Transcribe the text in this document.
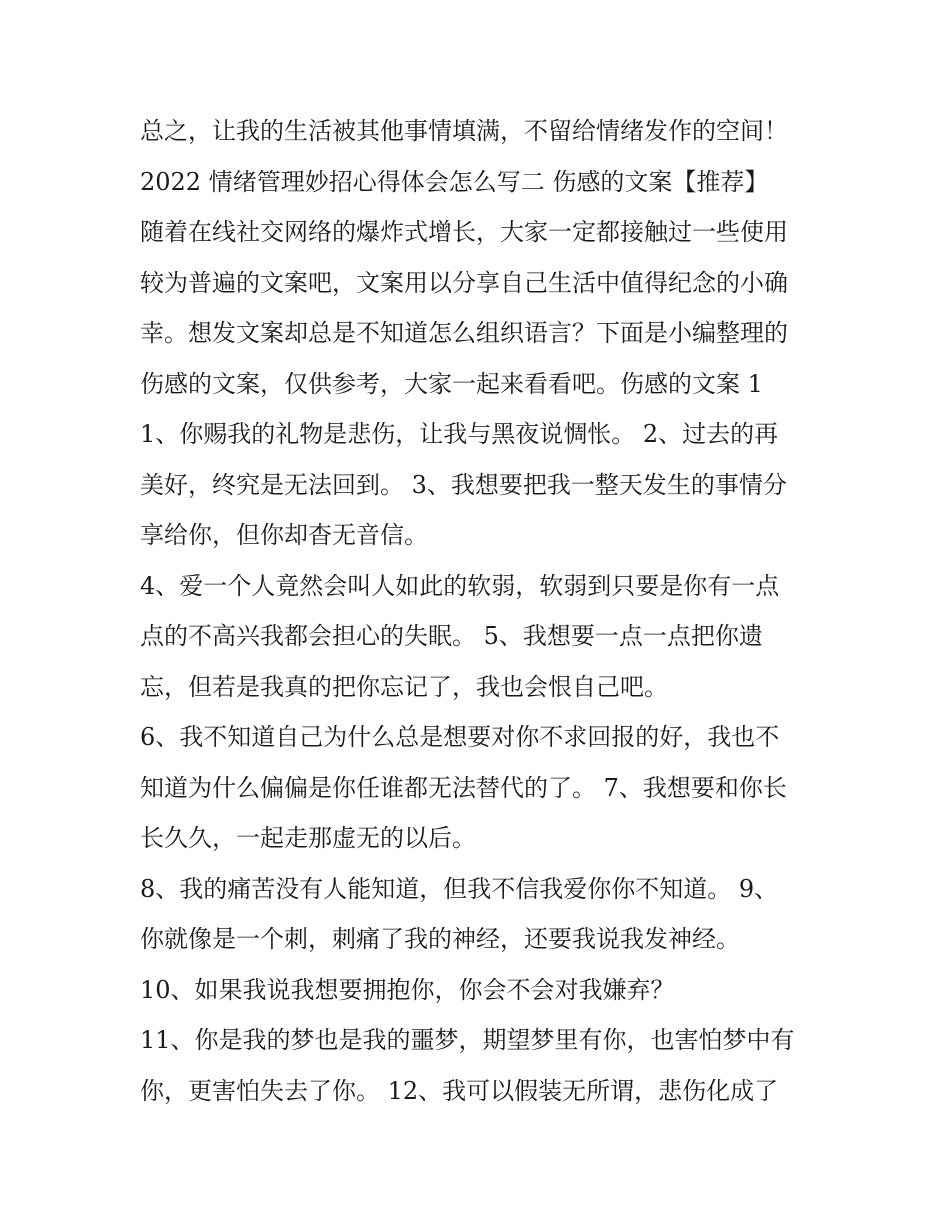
总之，让我的生活被其他事情填满，不留给情绪发作的空间！
2022 情绪管理妙招心得体会怎么写二 伤感的文案【推荐】
随着在线社交网络的爆炸式增长，大家一定都接触过一些使用
较为普遍的文案吧，文案用以分享自己生活中值得纪念的小确
幸。想发文案却总是不知道怎么组织语言？下面是小编整理的
伤感的文案，仅供参考，大家一起来看看吧。伤感的文案 1
1、你赐我的礼物是悲伤，让我与黑夜说惆怅。 2、过去的再
美好，终究是无法回到。 3、我想要把我一整天发生的事情分
享给你，但你却杳无音信。
4、爱一个人竟然会叫人如此的软弱，软弱到只要是你有一点
点的不高兴我都会担心的失眠。 5、我想要一点一点把你遗
忘，但若是我真的把你忘记了，我也会恨自己吧。
6、我不知道自己为什么总是想要对你不求回报的好，我也不
知道为什么偏偏是你任谁都无法替代的了。 7、我想要和你长
长久久，一起走那虚无的以后。
8、我的痛苦没有人能知道，但我不信我爱你你不知道。 9、
你就像是一个刺，刺痛了我的神经，还要我说我发神经。
10、如果我说我想要拥抱你，你会不会对我嫌弃？
11、你是我的梦也是我的噩梦，期望梦里有你，也害怕梦中有
你，更害怕失去了你。 12、我可以假装无所谓，悲伤化成了
